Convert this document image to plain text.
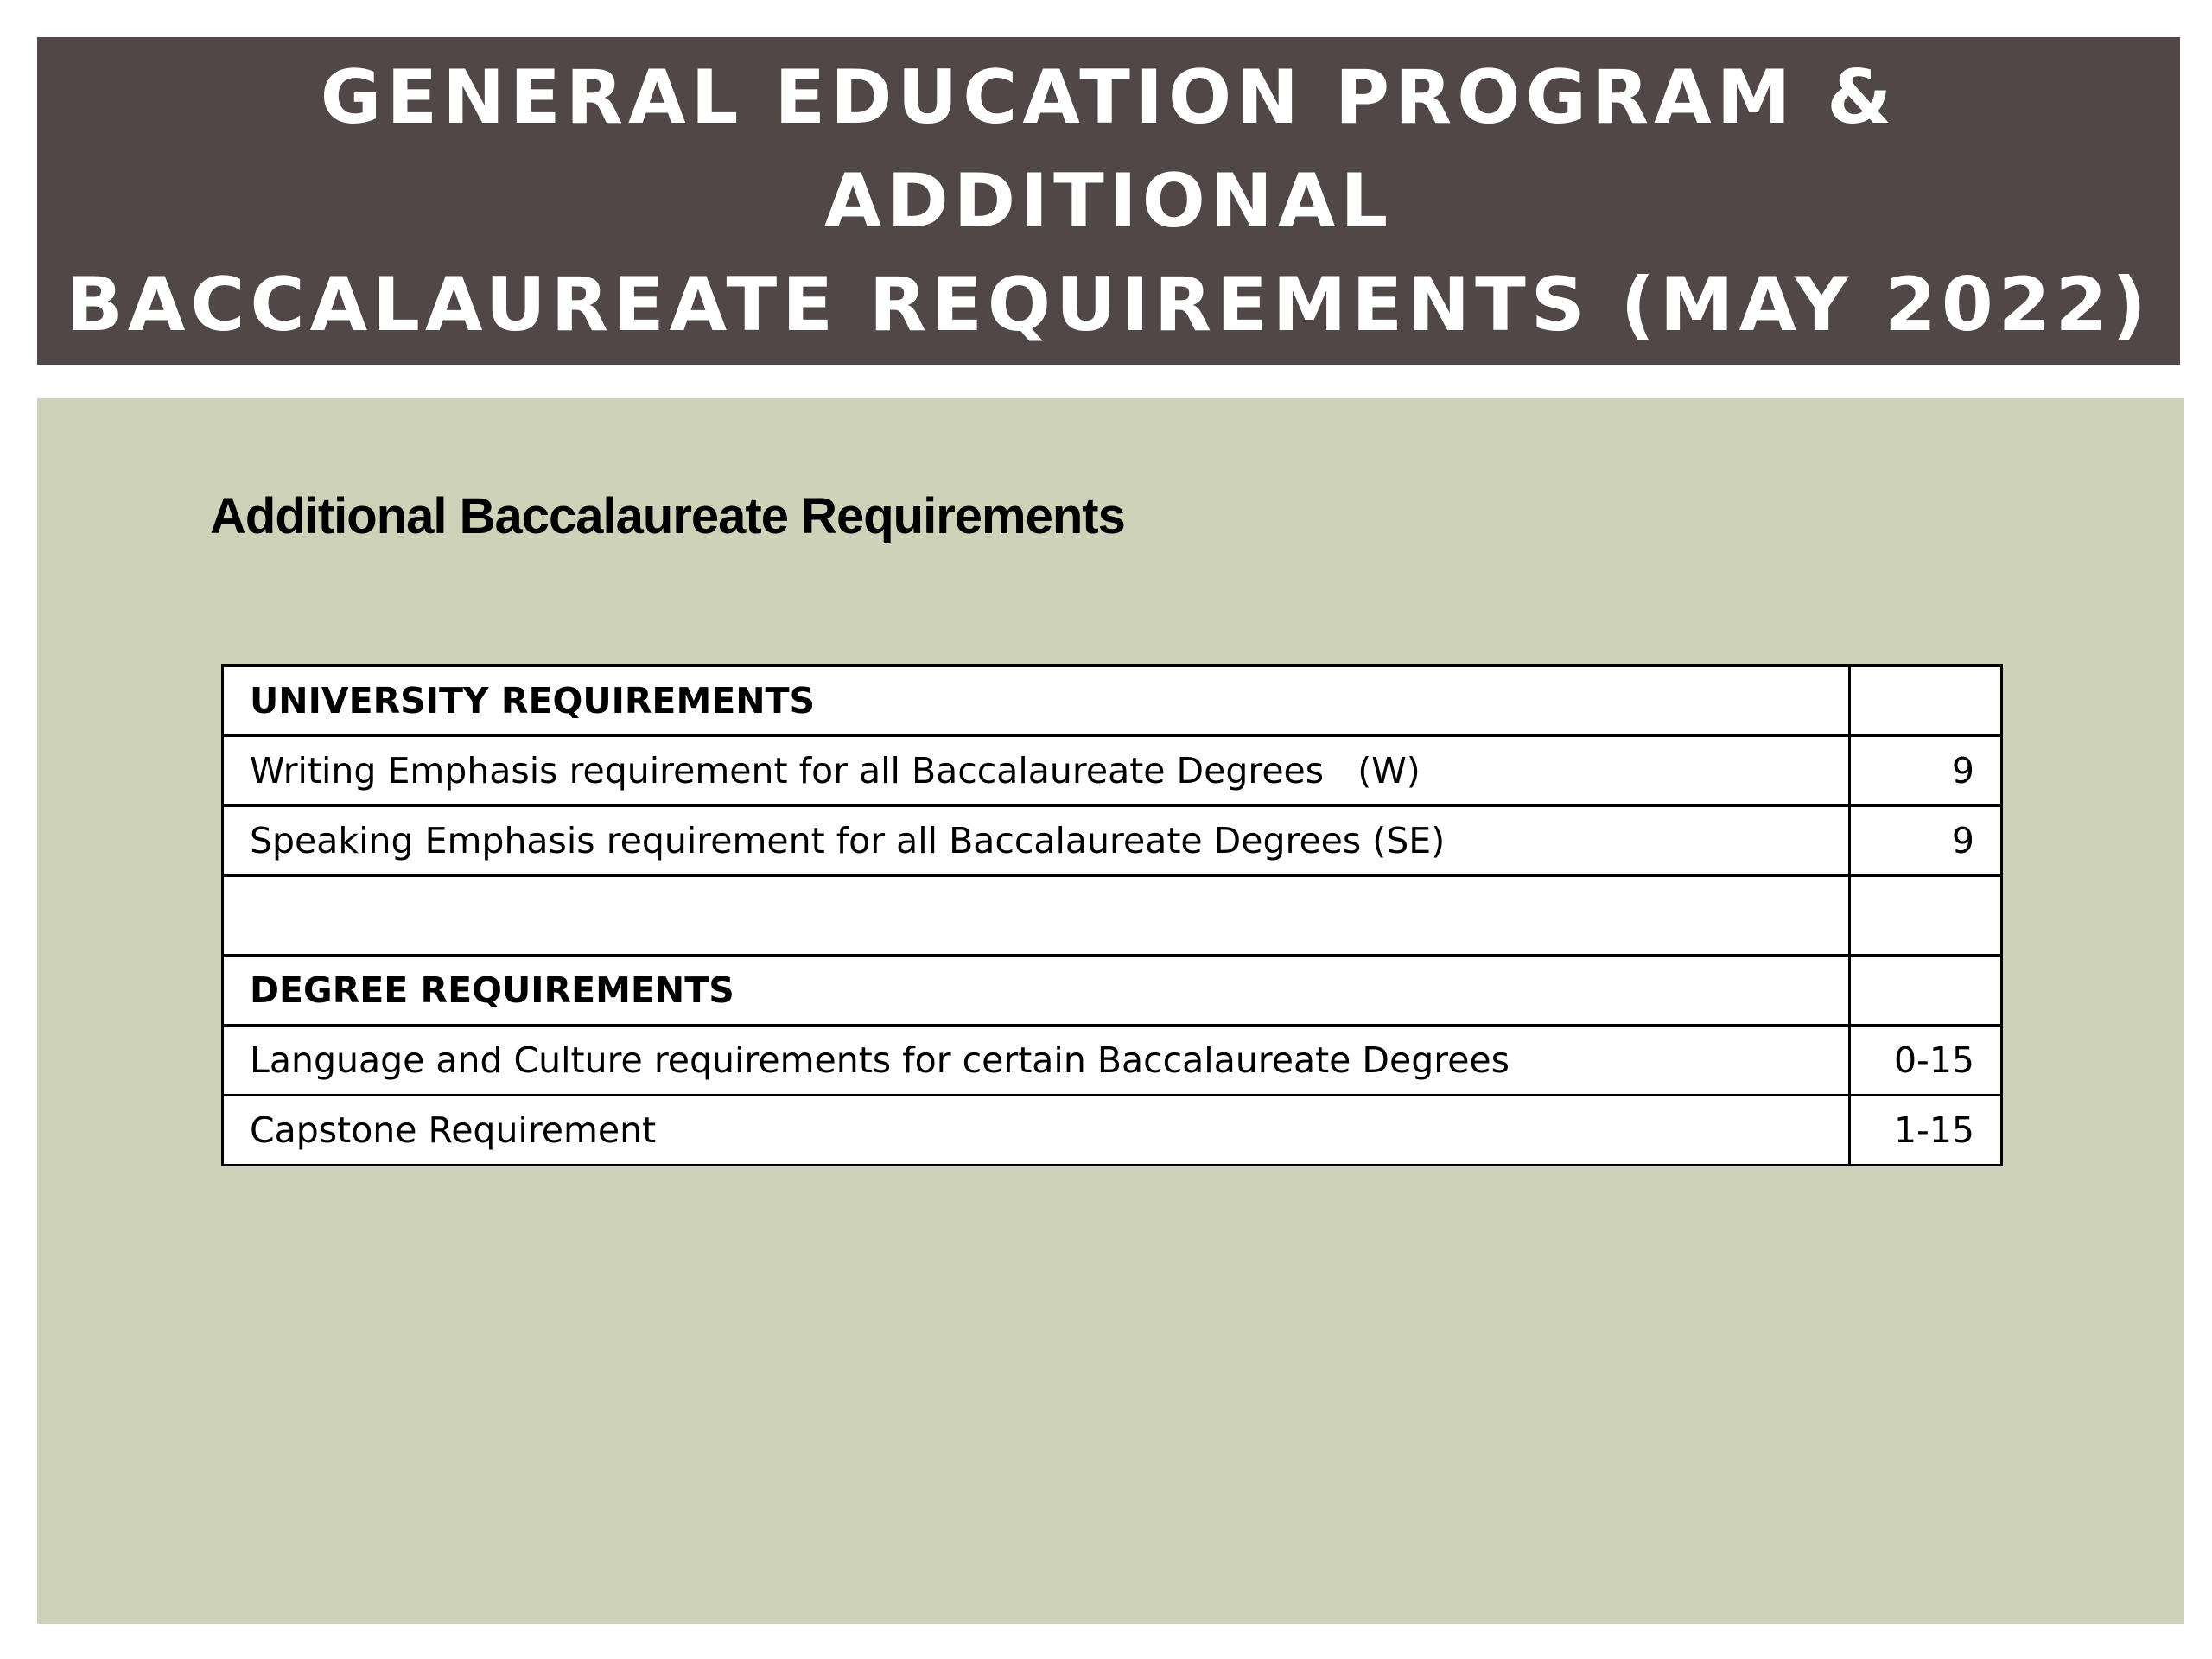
GENERAL EDUCATION PROGRAM & ADDITIONAL
BACCALAUREATE REQUIREMENTS (MAY 2022)
Additional Baccalaureate Requirements
UNIVERSITY REQUIREMENTS	
Writing Emphasis requirement for all Baccalaureate Degrees   (W)	9
Speaking Emphasis requirement for all Baccalaureate Degrees (SE)	9

DEGREE REQUIREMENTS	
Language and Culture requirements for certain Baccalaureate Degrees	0-15
Capstone Requirement	1-15
